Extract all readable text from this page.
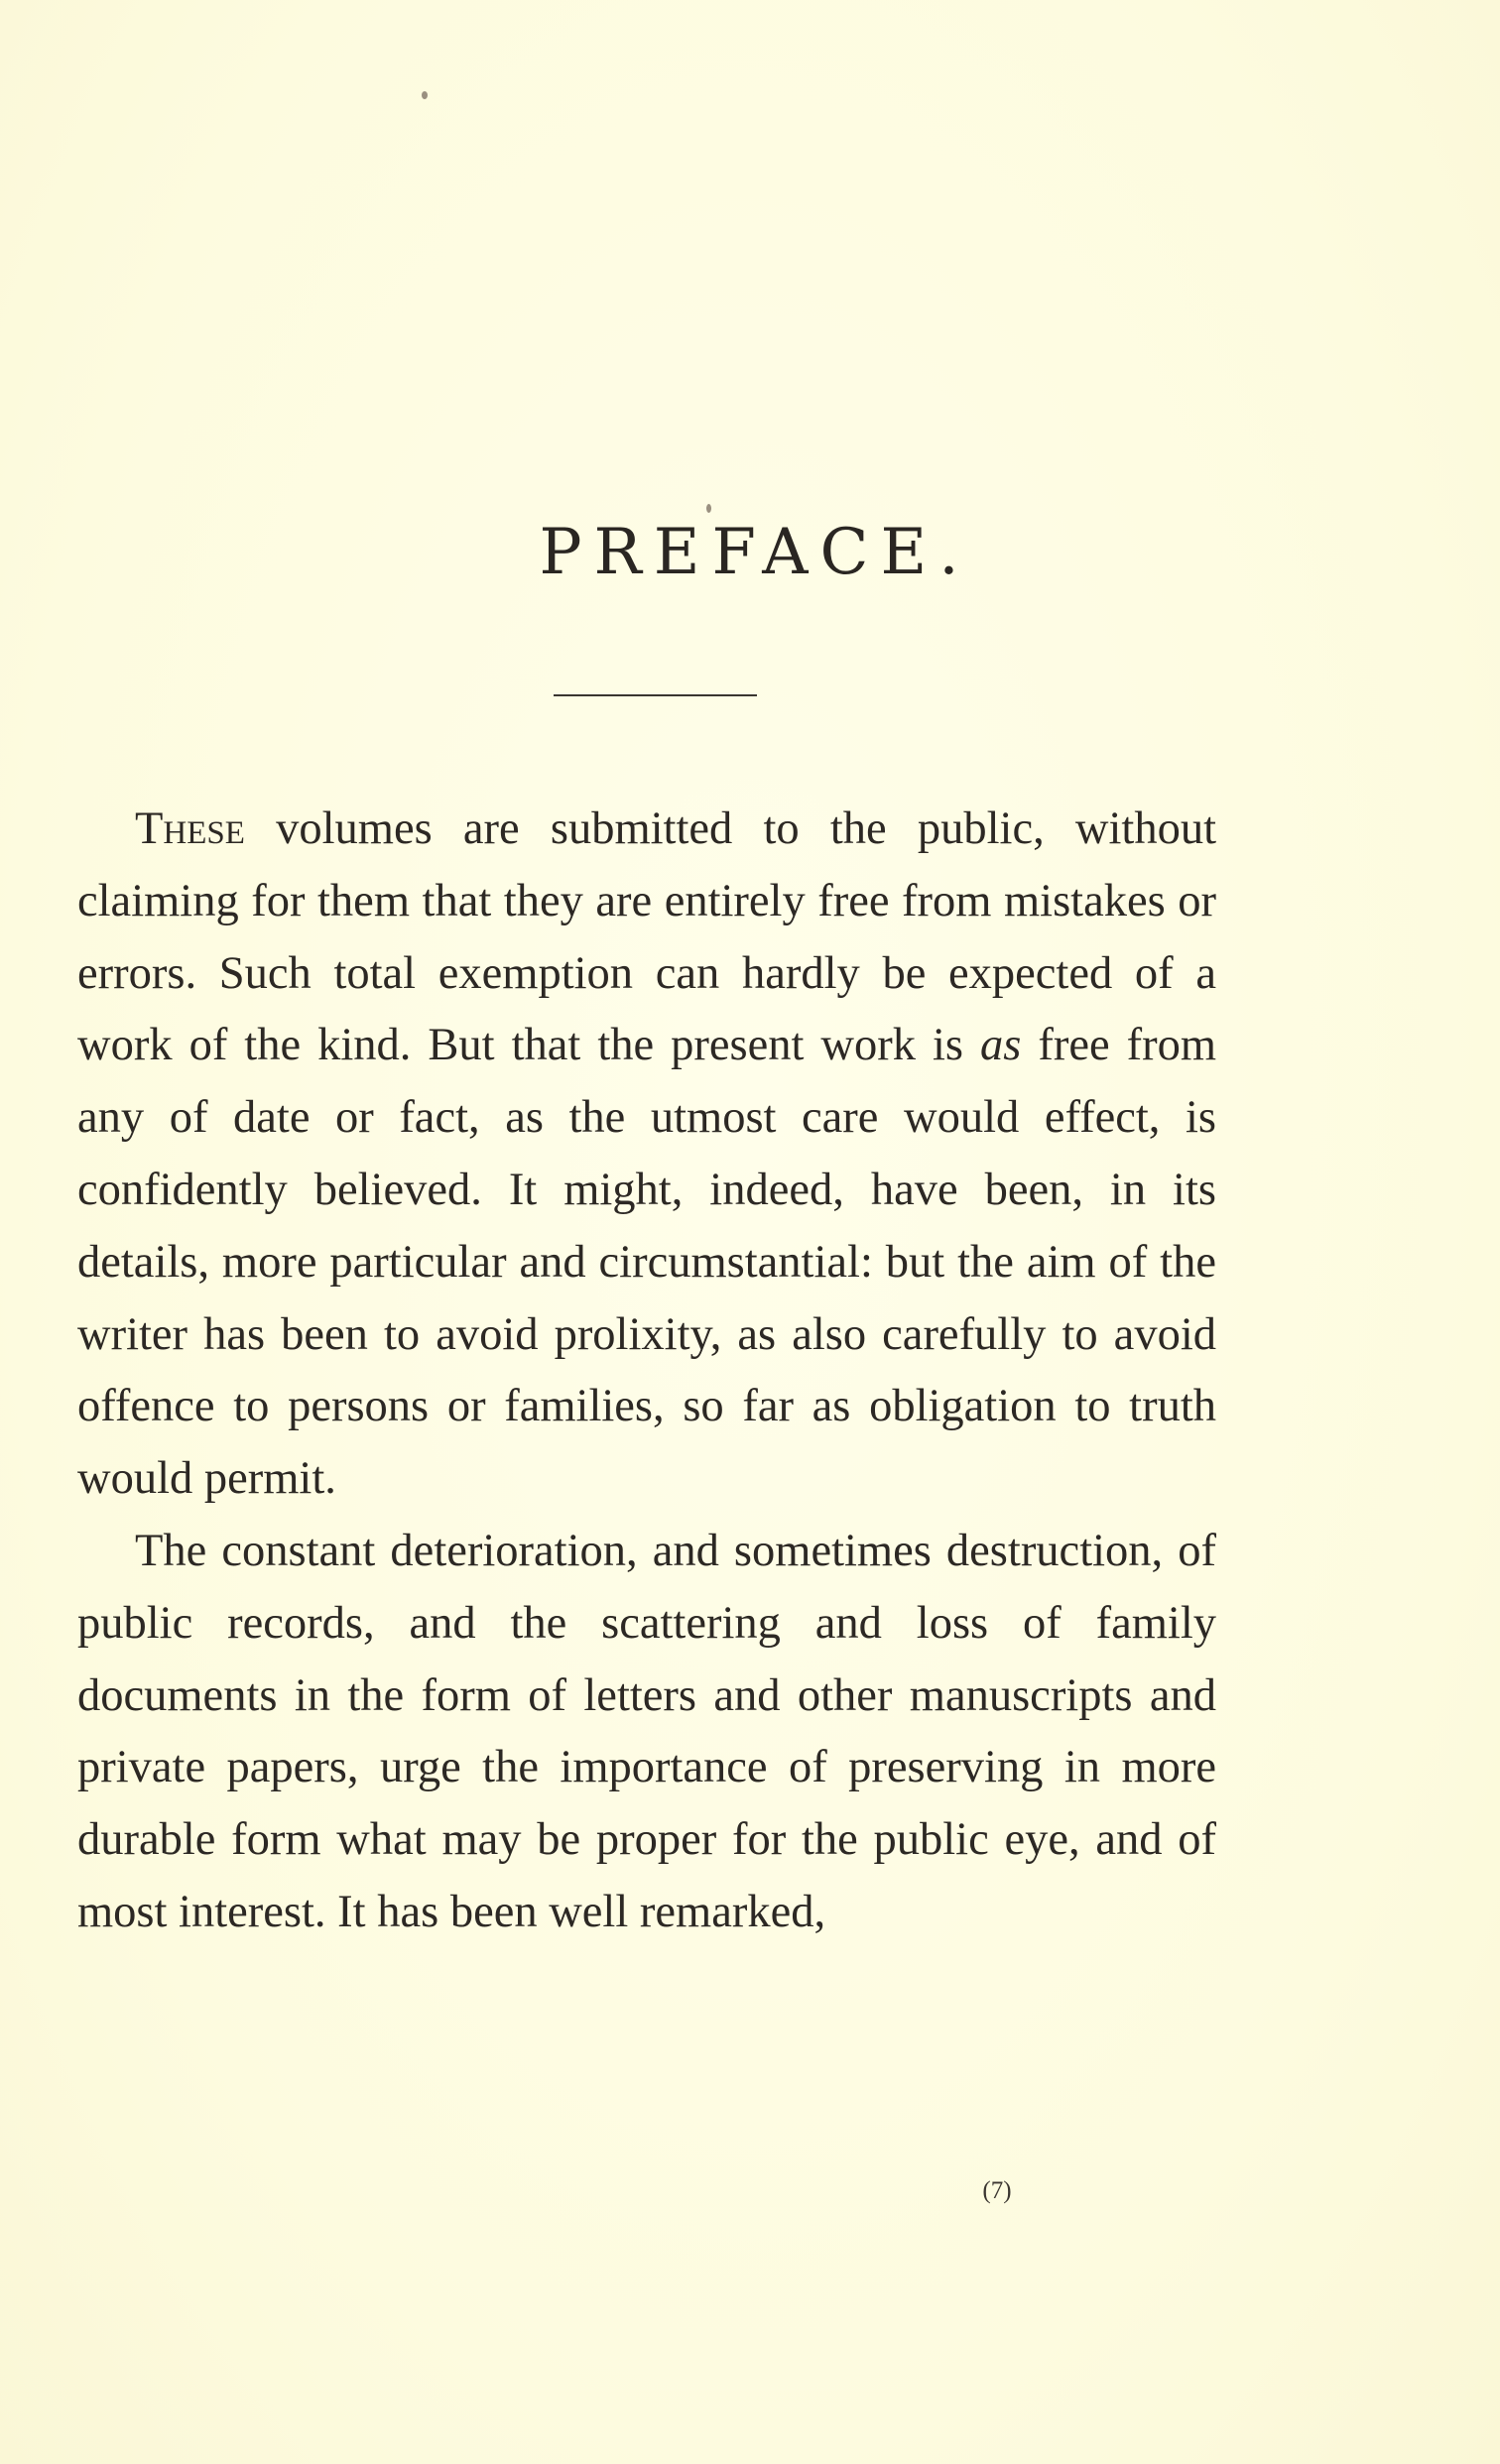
PREFACE.

These volumes are submitted to the public, without claiming for them that they are entirely free from mistakes or errors. Such total exemption can hardly be expected of a work of the kind. But that the present work is as free from any of date or fact, as the utmost care would effect, is confidently believed. It might, indeed, have been, in its details, more particular and circumstantial: but the aim of the writer has been to avoid prolixity, as also carefully to avoid offence to persons or families, so far as obligation to truth would permit.

The constant deterioration, and sometimes destruction, of public records, and the scattering and loss of family documents in the form of letters and other manuscripts and private papers, urge the importance of preserving in more durable form what may be proper for the public eye, and of most interest. It has been well remarked,

(7)
